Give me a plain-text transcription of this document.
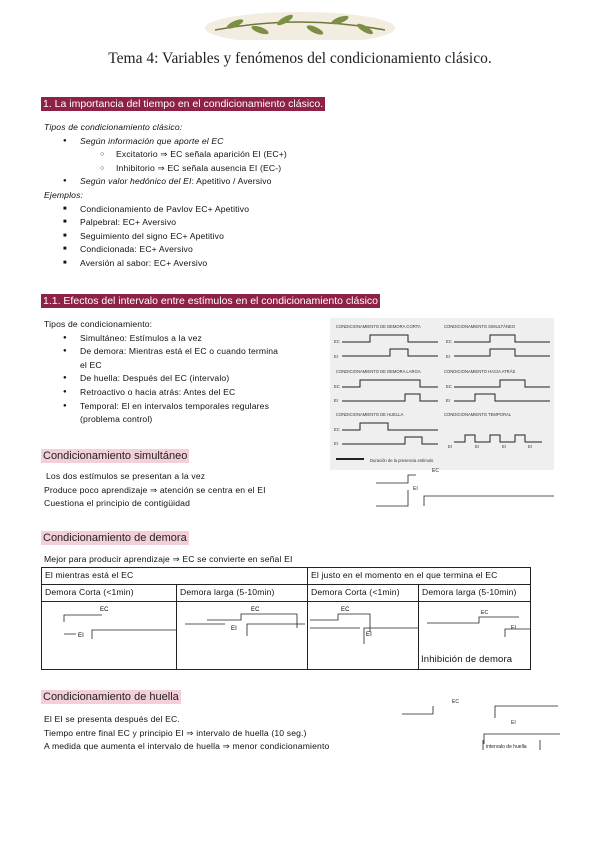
Tema 4: Variables y fenómenos del condicionamiento clásico.
1. La importancia del tiempo en el condicionamiento clásico.
Tipos de condicionamiento clásico:
● Según información que aporte el EC
○ Excitatorio ⇒ EC señala aparición EI (EC+)
○ Inhibitorio ⇒ EC señala ausencia EI (EC-)
● Según valor hedónico del EI: Apetitivo / Aversivo
Ejemplos:
■ Condicionamiento de Pavlov EC+ Apetitivo
■ Palpebral: EC+ Aversivo
■ Seguimiento del signo EC+ Apetitivo
■ Condicionada: EC+ Aversivo
■ Aversión al sabor: EC+ Aversivo
1.1. Efectos del intervalo entre estímulos en el condicionamiento clásico
Tipos de condicionamiento:
● Simultáneo: Estímulos a la vez
● De demora: Mientras está el EC o cuando termina
el EC
● De huella: Después del EC (intervalo)
● Retroactivo o hacia atrás: Antes del EC
● Temporal: El en intervalos temporales regulares
(problema control)
CONDICIONAMIENTO DE DEMORA CORTA	CONDICIONAMIENTO SIMULTÁNEO
CONDICIONAMIENTO DE DEMORA LARGA	CONDICIONAMIENTO HACIA ATRÁS
CONDICIONAMIENTO DE HUELLA	CONDICIONAMIENTO TEMPORAL
EC
EI
EC
EI
EC
EI
EC
EI
EC
EI
EI	EI	EI	EI
Duración de la presencia estímulo
Condicionamiento simultáneo
Los dos estímulos se presentan a la vez
Produce poco aprendizaje ⇒ atención se centra en el EI
Cuestiona el principio de contigüidad
EC
EI
Condicionamiento de demora
Mejor para producir aprendizaje ⇒ EC se convierte en señal EI
El mientras está el EC		El justo en el momento en el que termina el EC	
Demora Corta (<1min)	Demora larga (5-10min)	Demora Corta (<1min)	Demora larga (5-10min)

EC
EI	EC
EI	EC
EI	EC
EI
Inhibición de demora
Condicionamiento de huella
El EI se presenta después del EC.
Tiempo entre final EC y principio EI ⇒ intervalo de huella (10 seg.)
A medida que aumenta el intervalo de huella ⇒ menor condicionamiento
EC
EI
intervalo de huella
